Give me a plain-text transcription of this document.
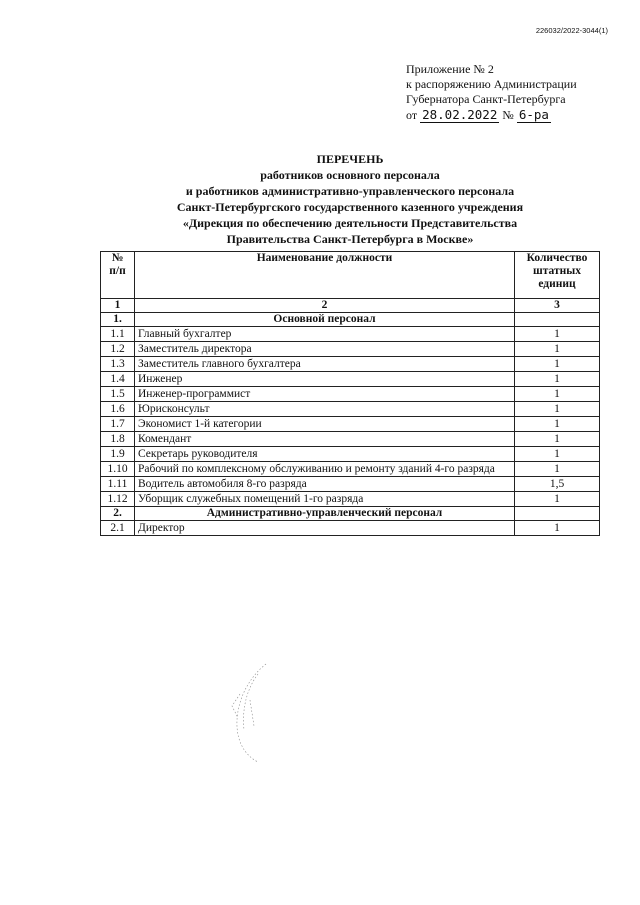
226032/2022-3044(1)
Приложение № 2
к распоряжению Администрации
Губернатора Санкт-Петербурга
от 28.02.2022 № 6-ра
ПЕРЕЧЕНЬ
работников основного персонала
и работников административно-управленческого персонала
Санкт-Петербургского государственного казенного учреждения
«Дирекция по обеспечению деятельности Представительства
Правительства Санкт-Петербурга в Москве»
№
п/п	Наименование должности	Количество штатных единиц
1	2	3
1.	Основной персонал	
1.1	Главный бухгалтер	1
1.2	Заместитель директора	1
1.3	Заместитель главного бухгалтера	1
1.4	Инженер	1
1.5	Инженер-программист	1
1.6	Юрисконсульт	1
1.7	Экономист 1-й категории	1
1.8	Комендант	1
1.9	Секретарь руководителя	1
1.10	Рабочий по комплексному обслуживанию и ремонту зданий 4-го разряда	1
1.11	Водитель автомобиля 8-го разряда	1,5
1.12	Уборщик служебных помещений 1-го разряда	1
2.	Административно-управленческий персонал	
2.1	Директор	1
